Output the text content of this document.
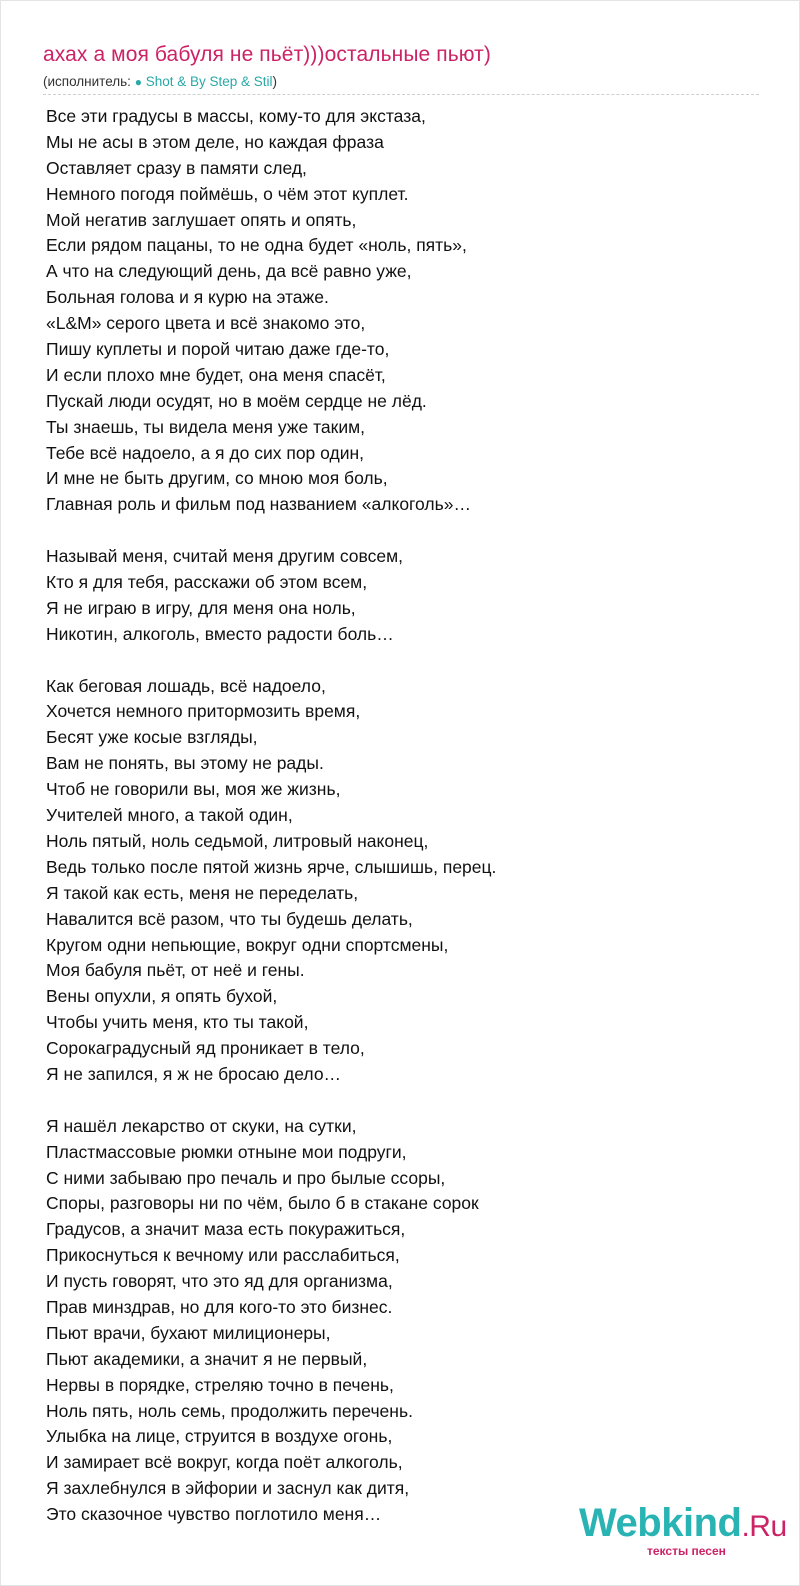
ахах а моя бабуля не пьёт)))остальные пьют)
(исполнитель: ● Shot & By Step & Stil)
Все эти градусы в массы, кому-то для экстаза,
Мы не асы в этом деле, но каждая фраза
Оставляет сразу в памяти след,
Немного погодя поймёшь, о чём этот куплет.
Мой негатив заглушает опять и опять,
Если рядом пацаны, то не одна будет «ноль, пять»,
А что на следующий день, да всё равно уже,
Больная голова и я курю на этаже.
«L&M» серого цвета и всё знакомо это,
Пишу куплеты и порой читаю даже где-то,
И если плохо мне будет, она меня спасёт,
Пускай люди осудят, но в моём сердце не лёд.
Ты знаешь, ты видела меня уже таким,
Тебе всё надоело, а я до сих пор один,
И мне не быть другим, со мною моя боль,
Главная роль и фильм под названием «алкоголь»…
Называй меня, считай меня другим совсем,
Кто я для тебя, расскажи об этом всем,
Я не играю в игру, для меня она ноль,
Никотин, алкоголь, вместо радости боль…
Как беговая лошадь, всё надоело,
Хочется немного притормозить время,
Бесят уже косые взгляды,
Вам не понять, вы этому не рады.
Чтоб не говорили вы, моя же жизнь,
Учителей много, а такой один,
Ноль пятый, ноль седьмой, литровый наконец,
Ведь только после пятой жизнь ярче, слышишь, перец.
Я такой как есть, меня не переделать,
Навалится всё разом, что ты будешь делать,
Кругом одни непьющие, вокруг одни спортсмены,
Моя бабуля пьёт, от неё и гены.
Вены опухли, я опять бухой,
Чтобы учить меня, кто ты такой,
Сорокаградусный яд проникает в тело,
Я не запился, я ж не бросаю дело…
Я нашёл лекарство от скуки, на сутки,
Пластмассовые рюмки отныне мои подруги,
С ними забываю про печаль и про былые ссоры,
Споры, разговоры ни по чём, было б в стакане сорок
Градусов, а значит маза есть покуражиться,
Прикоснуться к вечному или расслабиться,
И пусть говорят, что это яд для организма,
Прав минздрав, но для кого-то это бизнес.
Пьют врачи, бухают милиционеры,
Пьют академики, а значит я не первый,
Нервы в порядке, стреляю точно в печень,
Ноль пять, ноль семь, продолжить перечень.
Улыбка на лице, струится в воздухе огонь,
И замирает всё вокруг, когда поёт алкоголь,
Я захлебнулся в эйфории и заснул как дитя,
Это сказочное чувство поглотило меня…	Webkind.Ru
тексты песен
